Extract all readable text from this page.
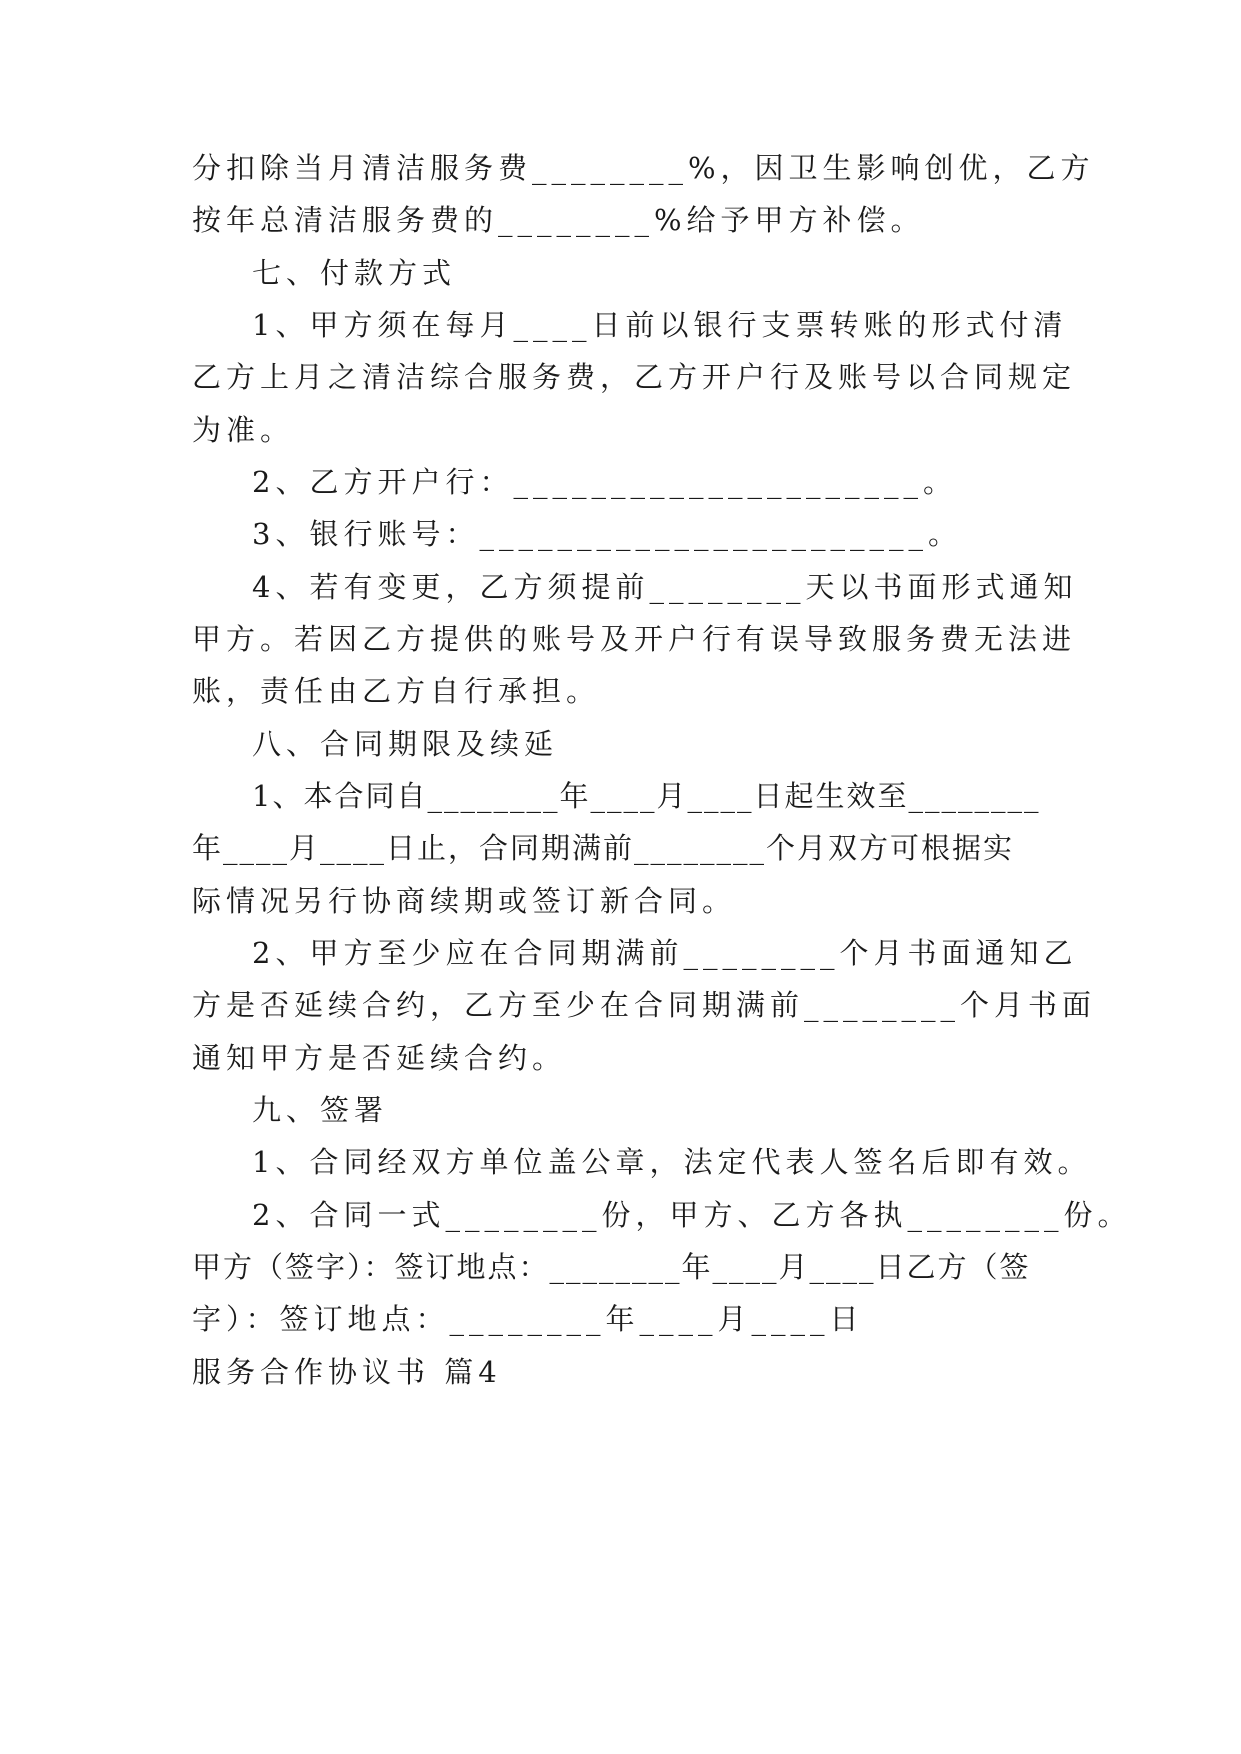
分扣除当月清洁服务费________%，因卫生影响创优，乙方
按年总清洁服务费的________%给予甲方补偿。
七、付款方式
1、甲方须在每月____日前以银行支票转账的形式付清
乙方上月之清洁综合服务费，乙方开户行及账号以合同规定
为准。
2、乙方开户行：_____________________。
3、银行账号：_______________________。
4、若有变更，乙方须提前________天以书面形式通知
甲方。若因乙方提供的账号及开户行有误导致服务费无法进
账，责任由乙方自行承担。
八、合同期限及续延
1、本合同自________年____月____日起生效至________
年____月____日止，合同期满前________个月双方可根据实
际情况另行协商续期或签订新合同。
2、甲方至少应在合同期满前________个月书面通知乙
方是否延续合约，乙方至少在合同期满前________个月书面
通知甲方是否延续合约。
九、签署
1、合同经双方单位盖公章，法定代表人签名后即有效。
2、合同一式________份，甲方、乙方各执________份。
甲方（签字）：签订地点：________年____月____日乙方（签
字）：签订地点：________年____月____日
服务合作协议书 篇4
